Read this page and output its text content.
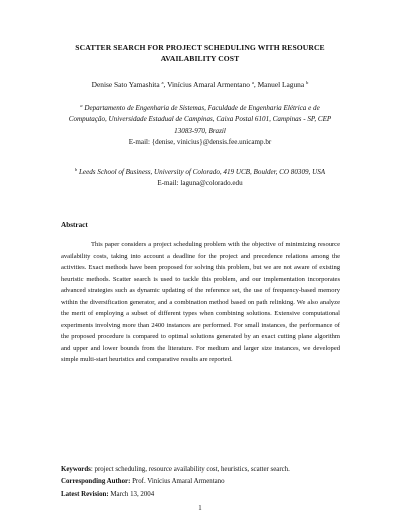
SCATTER SEARCH FOR PROJECT SCHEDULING WITH RESOURCE
AVAILABILITY COST
Denise Sato Yamashita $^a$, Vinícius Amaral Armentano $^a$, Manuel Laguna $^b$
$^a$ Departamento de Engenharia de Sistemas, Faculdade de Engenharia Elétrica e de
Computação, Universidade Estadual de Campinas, Caixa Postal 6101, Campinas - SP, CEP
13083-970, Brazil
E-mail: {denise, vinicius}@densis.fee.unicamp.br
$^b$ Leeds School of Business, University of Colorado, 419 UCB, Boulder, CO 80309, USA
E-mail: laguna@colorado.edu
Abstract

This paper considers a project scheduling problem with the objective of minimizing resource availability costs, taking into account a deadline for the project and precedence relations among the activities. Exact methods have been proposed for solving this problem, but we are not aware of existing heuristic methods. Scatter search is used to tackle this problem, and our implementation incorporates advanced strategies such as dynamic updating of the reference set, the use of frequency-based memory within the diversification generator, and a combination method based on path relinking. We also analyze the merit of employing a subset of different types when combining solutions. Extensive computational experiments involving more than 2400 instances are performed. For small instances, the performance of the proposed procedure is compared to optimal solutions generated by an exact cutting plane algorithm and upper and lower bounds from the literature. For medium and larger size instances, we developed simple multi-start heuristics and comparative results are reported.

Keywords: project scheduling, resource availability cost, heuristics, scatter search.
Corresponding Author: Prof. Vinícius Amaral Armentano
Latest Revision: March 13, 2004
1
